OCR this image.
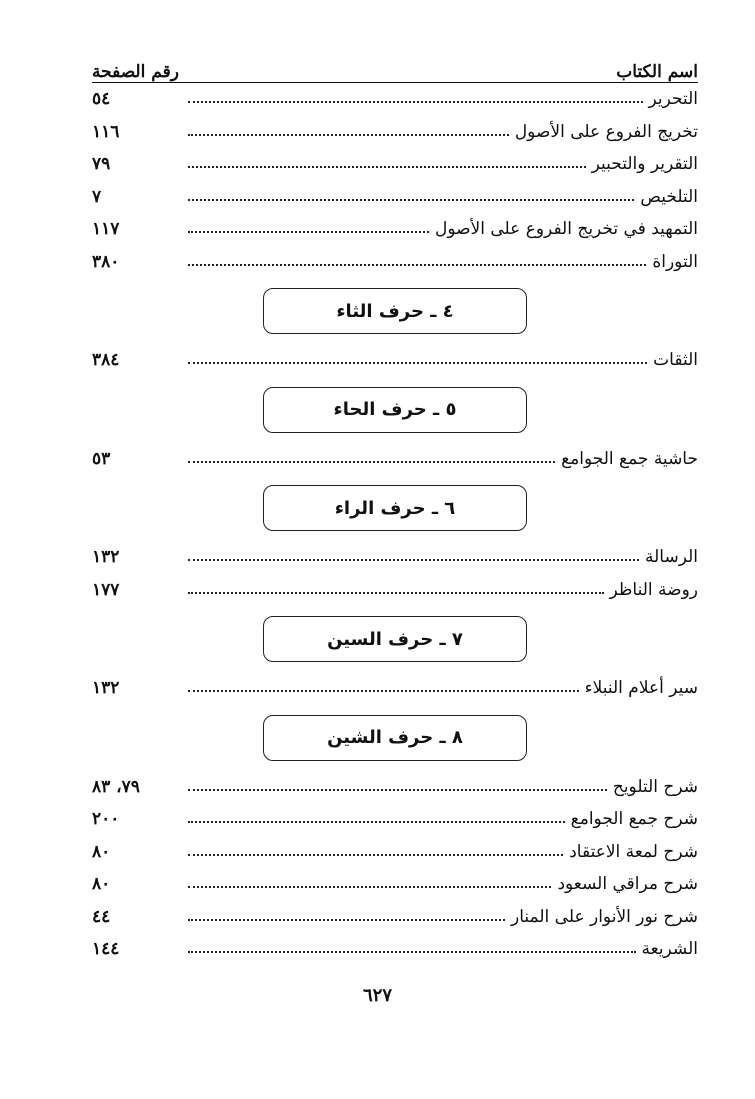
اسم الكتاب
رقم الصفحة
التحرير
٥٤
تخريج الفروع على الأصول
١١٦
التقرير والتحبير
٧٩
التلخيص
٧
التمهيد في تخريج الفروع على الأصول
١١٧
التوراة
٣٨٠
٤ ـ حرف الثاء
الثقات
٣٨٤
٥ ـ حرف الحاء
حاشية جمع الجوامع
٥٣
٦ ـ حرف الراء
الرسالة
١٣٢
روضة الناظر
١٧٧
٧ ـ حرف السين
سير أعلام النبلاء
١٣٢
٨ ـ حرف الشين
شرح التلويح
٧٩، ٨٣
شرح جمع الجوامع
٢٠٠
شرح لمعة الاعتقاد
٨٠
شرح مراقي السعود
٨٠
شرح نور الأنوار على المنار
٤٤
الشريعة
١٤٤
٦٢٧
